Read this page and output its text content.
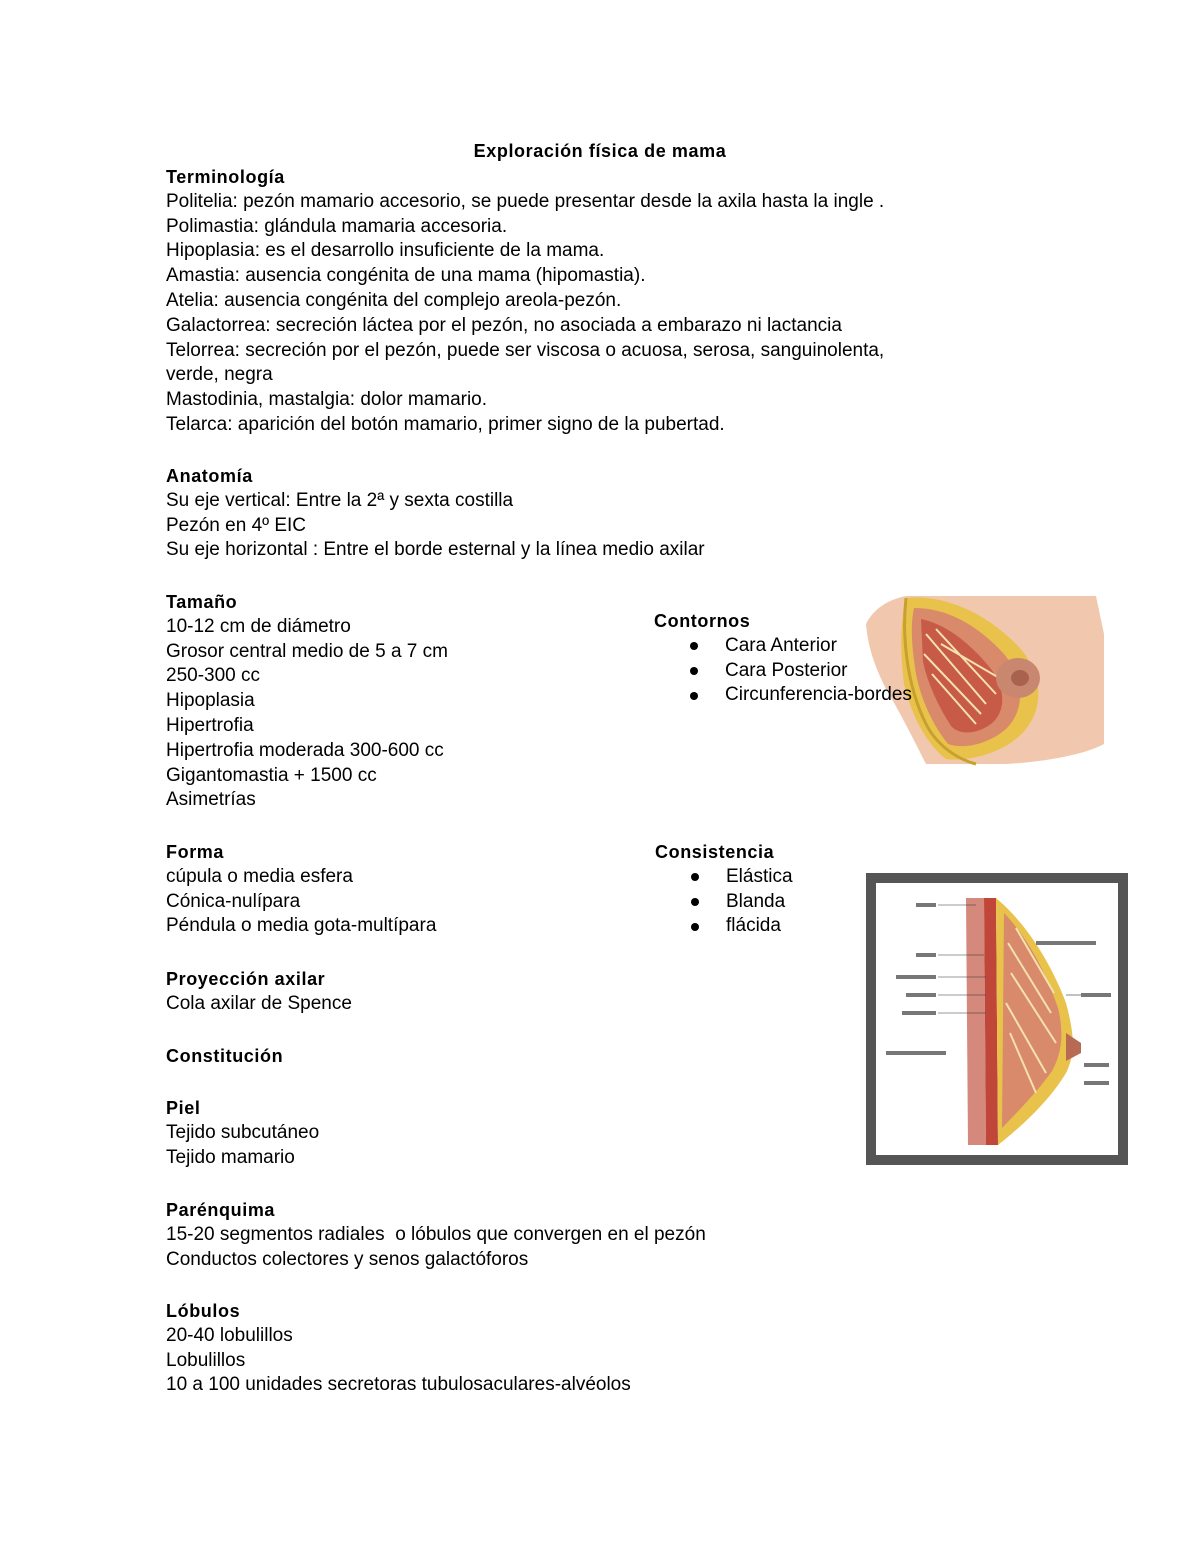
Exploración física de mama
Terminología
Politelia: pezón mamario accesorio, se puede presentar desde la axila hasta la ingle .
Polimastia: glándula mamaria accesoria.
Hipoplasia: es el desarrollo insuficiente de la mama.
Amastia: ausencia congénita de una mama (hipomastia).
Atelia: ausencia congénita del complejo areola-pezón.
Galactorrea: secreción láctea por el pezón, no asociada a embarazo ni lactancia
Telorrea: secreción por el pezón, puede ser viscosa o acuosa, serosa, sanguinolenta,
verde, negra
Mastodinia, mastalgia: dolor mamario.
Telarca: aparición del botón mamario, primer signo de la pubertad.
Anatomía
Su eje vertical: Entre la 2ª y sexta costilla
Pezón en 4º EIC
Su eje horizontal : Entre el borde esternal y la línea medio axilar
Tamaño
10-12 cm de diámetro
Grosor central medio de 5 a 7 cm
250-300 cc
Hipoplasia
Hipertrofia
Hipertrofia moderada 300-600 cc
Gigantomastia + 1500 cc
Asimetrías
Contornos
Cara Anterior
Cara Posterior
Circunferencia-bordes
Forma
cúpula o media esfera
Cónica-nulípara
Péndula o media gota-multípara
Consistencia
Elástica
Blanda
flácida
Proyección axilar
Cola axilar de Spence
Constitución
Piel
Tejido subcutáneo
Tejido mamario
Parénquima
15-20 segmentos radiales  o lóbulos que convergen en el pezón
Conductos colectores y senos galactóforos
Lóbulos
20-40 lobulillos
Lobulillos
10 a 100 unidades secretoras tubulosaculares-alvéolos
